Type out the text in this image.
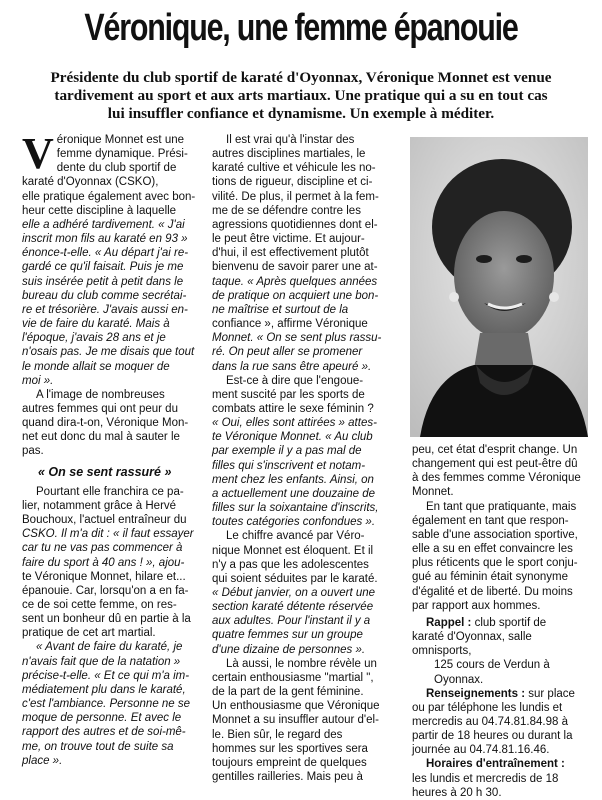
Véronique, une femme épanouie
Présidente du club sportif de karaté d'Oyonnax, Véronique Monnet est venue
tardivement au sport et aux arts martiaux. Une pratique qui a su en tout cas
lui insuffler confiance et dynamisme. Un exemple à méditer.
V éronique Monnet est une
femme dynamique. Prési-
dente du club sportif de
karaté d'Oyonnax (CSKO),
elle pratique également avec bon-
heur cette discipline à laquelle
elle a adhéré tardivement. « J'ai
inscrit mon fils au karaté en 93 »
énonce-t-elle. « Au départ j'ai re-
gardé ce qu'il faisait. Puis je me
suis insérée petit à petit dans le
bureau du club comme secrétai-
re et trésorière. J'avais aussi en-
vie de faire du karaté. Mais à
l'époque, j'avais 28 ans et je
n'osais pas. Je me disais que tout
le monde allait se moquer de
moi ».
A l'image de nombreuses
autres femmes qui ont peur du
quand dira-t-on, Véronique Mon-
net eut donc du mal à sauter le
pas.
« On se sent rassuré »
Pourtant elle franchira ce pa-
lier, notamment grâce à Hervé
Bouchoux, l'actuel entraîneur du
CSKO. Il m'a dit : « il faut essayer
car tu ne vas pas commencer à
faire du sport à 40 ans ! », ajou-
te Véronique Monnet, hilare et...
épanouie. Car, lorsqu'on a en fa-
ce de soi cette femme, on res-
sent un bonheur dû en partie à la
pratique de cet art martial.
« Avant de faire du karaté, je
n'avais fait que de la natation »
précise-t-elle. « Et ce qui m'a im-
médiatement plu dans le karaté,
c'est l'ambiance. Personne ne se
moque de personne. Et avec le
rapport des autres et de soi-mê-
me, on trouve tout de suite sa
place ».
Il est vrai qu'à l'instar des
autres disciplines martiales, le
karaté cultive et véhicule les no-
tions de rigueur, discipline et ci-
vilité. De plus, il permet à la fem-
me de se défendre contre les
agressions quotidiennes dont el-
le peut être victime. Et aujour-
d'hui, il est effectivement plutôt
bienvenu de savoir parer une at-
taque. « Après quelques années
de pratique on acquiert une bon-
ne maîtrise et surtout de la
confiance », affirme Véronique
Monnet. « On se sent plus rassu-
ré. On peut aller se promener
dans la rue sans être apeuré ».
Est-ce à dire que l'engoue-
ment suscité par les sports de
combats attire le sexe féminin ?
« Oui, elles sont attirées » attes-
te Véronique Monnet. « Au club
par exemple il y a pas mal de
filles qui s'inscrivent et notam-
ment chez les enfants. Ainsi, on
a actuellement une douzaine de
filles sur la soixantaine d'inscrits,
toutes catégories confondues ».
Le chiffre avancé par Véro-
nique Monnet est éloquent. Et il
n'y a pas que les adolescentes
qui soient séduites par le karaté.
« Début janvier, on a ouvert une
section karaté détente réservée
aux adultes. Pour l'instant il y a
quatre femmes sur un groupe
d'une dizaine de personnes ».
Là aussi, le nombre révèle un
certain enthousiasme "martial ",
de la part de la gent féminine.
Un enthousiasme que Véronique
Monnet a su insuffler autour d'el-
le. Bien sûr, le regard des
hommes sur les sportives sera
toujours empreint de quelques
gentilles railleries. Mais peu à
peu, cet état d'esprit change. Un
changement qui est peut-être dû
à des femmes comme Véronique
Monnet.
En tant que pratiquante, mais
également en tant que respon-
sable d'une association sportive,
elle a su en effet convaincre les
plus réticents que le sport conju-
gué au féminin était synonyme
d'égalité et de liberté. Du moins
par rapport aux hommes.
Rappel : club sportif de
karaté d'Oyonnax, salle omnisports,
125 cours de Verdun à Oyonnax.
Renseignements : sur place
ou par téléphone les lundis et
mercredis au 04.74.81.84.98 à
partir de 18 heures ou durant la
journée au 04.74.81.16.46.
Horaires d'entraînement :
les lundis et mercredis de 18
heures à 20 h 30.
